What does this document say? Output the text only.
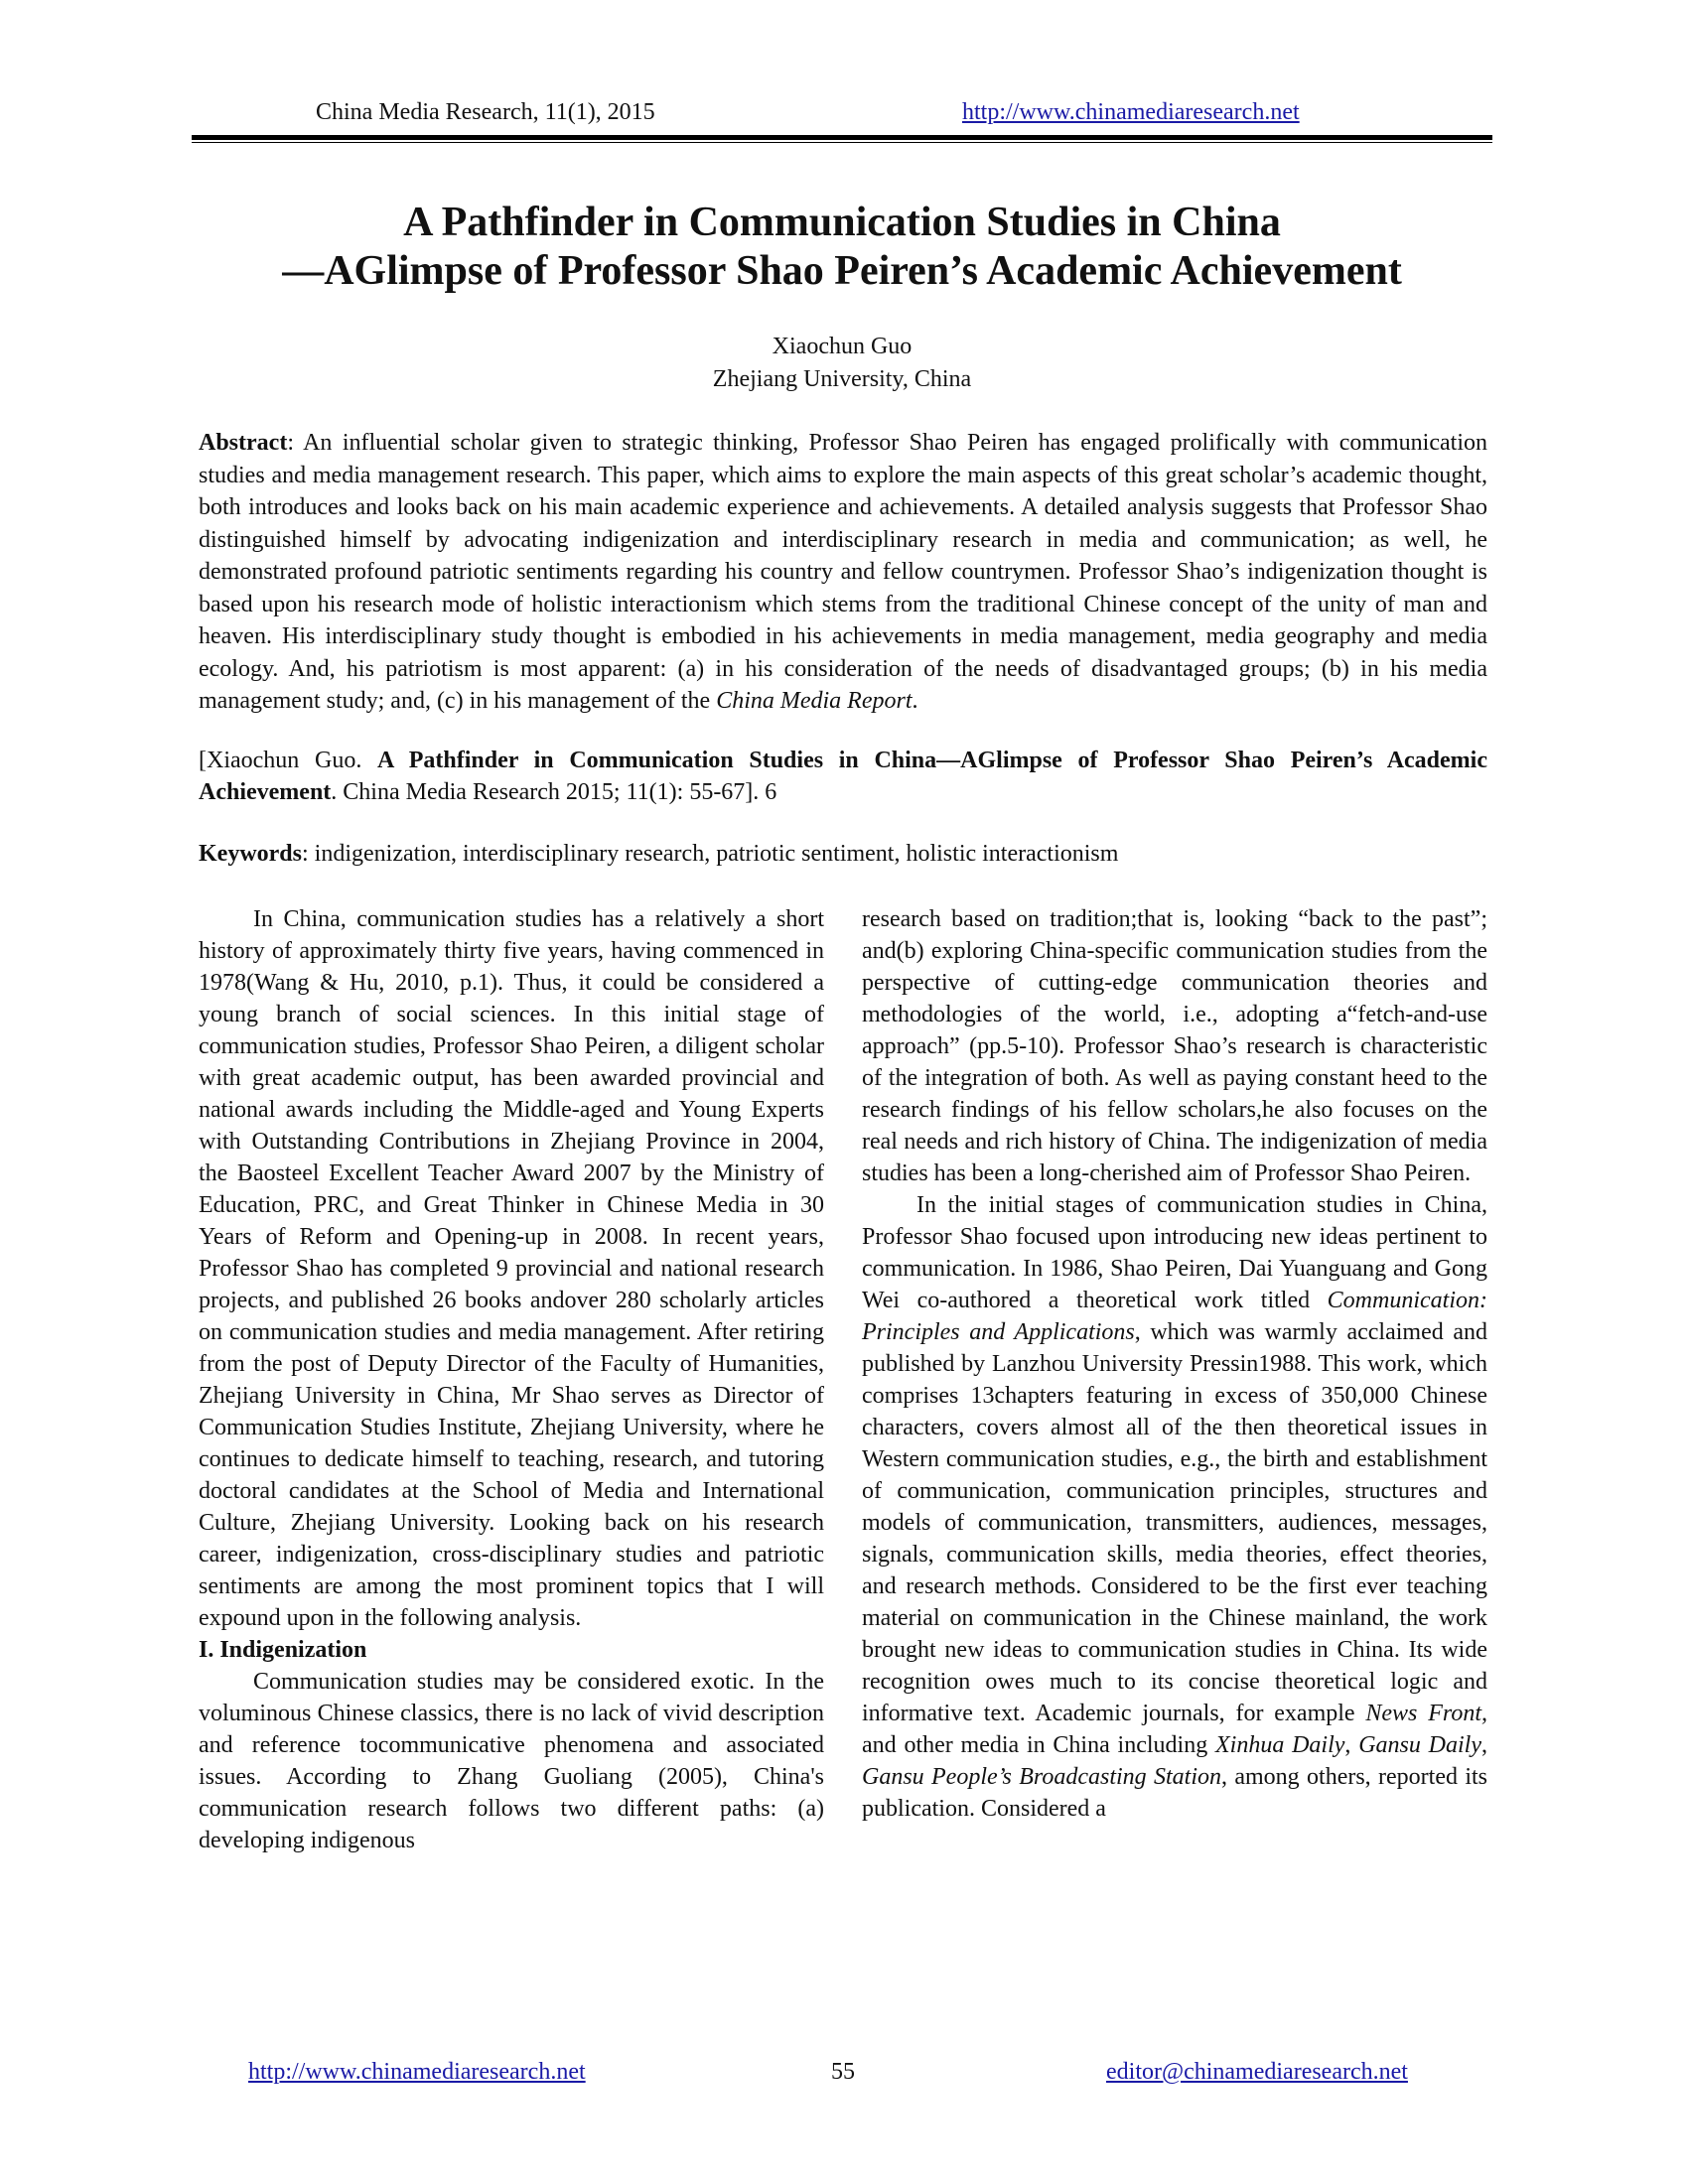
China Media Research, 11(1), 2015	http://www.chinamediaresearch.net
A Pathfinder in Communication Studies in China
—AGlimpse of Professor Shao Peiren’s Academic Achievement
Xiaochun Guo
Zhejiang University, China
Abstract: An influential scholar given to strategic thinking, Professor Shao Peiren has engaged prolifically with communication studies and media management research. This paper, which aims to explore the main aspects of this great scholar’s academic thought, both introduces and looks back on his main academic experience and achievements. A detailed analysis suggests that Professor Shao distinguished himself by advocating indigenization and interdisciplinary research in media and communication; as well, he demonstrated profound patriotic sentiments regarding his country and fellow countrymen. Professor Shao’s indigenization thought is based upon his research mode of holistic interactionism which stems from the traditional Chinese concept of the unity of man and heaven. His interdisciplinary study thought is embodied in his achievements in media management, media geography and media ecology. And, his patriotism is most apparent: (a) in his consideration of the needs of disadvantaged groups; (b) in his media management study; and, (c) in his management of the China Media Report.
[Xiaochun Guo. A Pathfinder in Communication Studies in China—AGlimpse of Professor Shao Peiren’s Academic Achievement. China Media Research 2015; 11(1): 55-67]. 6
Keywords: indigenization, interdisciplinary research, patriotic sentiment, holistic interactionism

In China, communication studies has a relatively a short history of approximately thirty five years, having commenced in 1978(Wang & Hu, 2010, p.1). Thus, it could be considered a young branch of social sciences. In this initial stage of communication studies, Professor Shao Peiren, a diligent scholar with great academic output, has been awarded provincial and national awards including the Middle-aged and Young Experts with Outstanding Contributions in Zhejiang Province in 2004, the Baosteel Excellent Teacher Award 2007 by the Ministry of Education, PRC, and Great Thinker in Chinese Media in 30 Years of Reform and Opening-up in 2008. In recent years, Professor Shao has completed 9 provincial and national research projects, and published 26 books andover 280 scholarly articles on communication studies and media management. After retiring from the post of Deputy Director of the Faculty of Humanities, Zhejiang University in China, Mr Shao serves as Director of Communication Studies Institute, Zhejiang University, where he continues to dedicate himself to teaching, research, and tutoring doctoral candidates at the School of Media and International Culture, Zhejiang University. Looking back on his research career, indigenization, cross-disciplinary studies and patriotic sentiments are among the most prominent topics that I will expound upon in the following analysis.

I. Indigenization

Communication studies may be considered exotic. In the voluminous Chinese classics, there is no lack of vivid description and reference tocommunicative phenomena and associated issues. According to Zhang Guoliang (2005), China's communication research follows two different paths: (a) developing indigenous

research based on tradition;that is, looking “back to the past”; and(b) exploring China-specific communication studies from the perspective of cutting-edge communication theories and methodologies of the world, i.e., adopting a“fetch-and-use approach” (pp.5-10). Professor Shao’s research is characteristic of the integration of both. As well as paying constant heed to the research findings of his fellow scholars,he also focuses on the real needs and rich history of China. The indigenization of media studies has been a long-cherished aim of Professor Shao Peiren.

In the initial stages of communication studies in China, Professor Shao focused upon introducing new ideas pertinent to communication. In 1986, Shao Peiren, Dai Yuanguang and Gong Wei co-authored a theoretical work titled Communication: Principles and Applications, which was warmly acclaimed and published by Lanzhou University Pressin1988. This work, which comprises 13chapters featuring in excess of 350,000 Chinese characters, covers almost all of the then theoretical issues in Western communication studies, e.g., the birth and establishment of communication, communication principles, structures and models of communication, transmitters, audiences, messages, signals, communication skills, media theories, effect theories, and research methods. Considered to be the first ever teaching material on communication in the Chinese mainland, the work brought new ideas to communication studies in China. Its wide recognition owes much to its concise theoretical logic and informative text. Academic journals, for example News Front, and other media in China including Xinhua Daily, Gansu Daily, Gansu People’s Broadcasting Station, among others, reported its publication. Considered a

http://www.chinamediaresearch.net	55	editor@chinamediaresearch.net
